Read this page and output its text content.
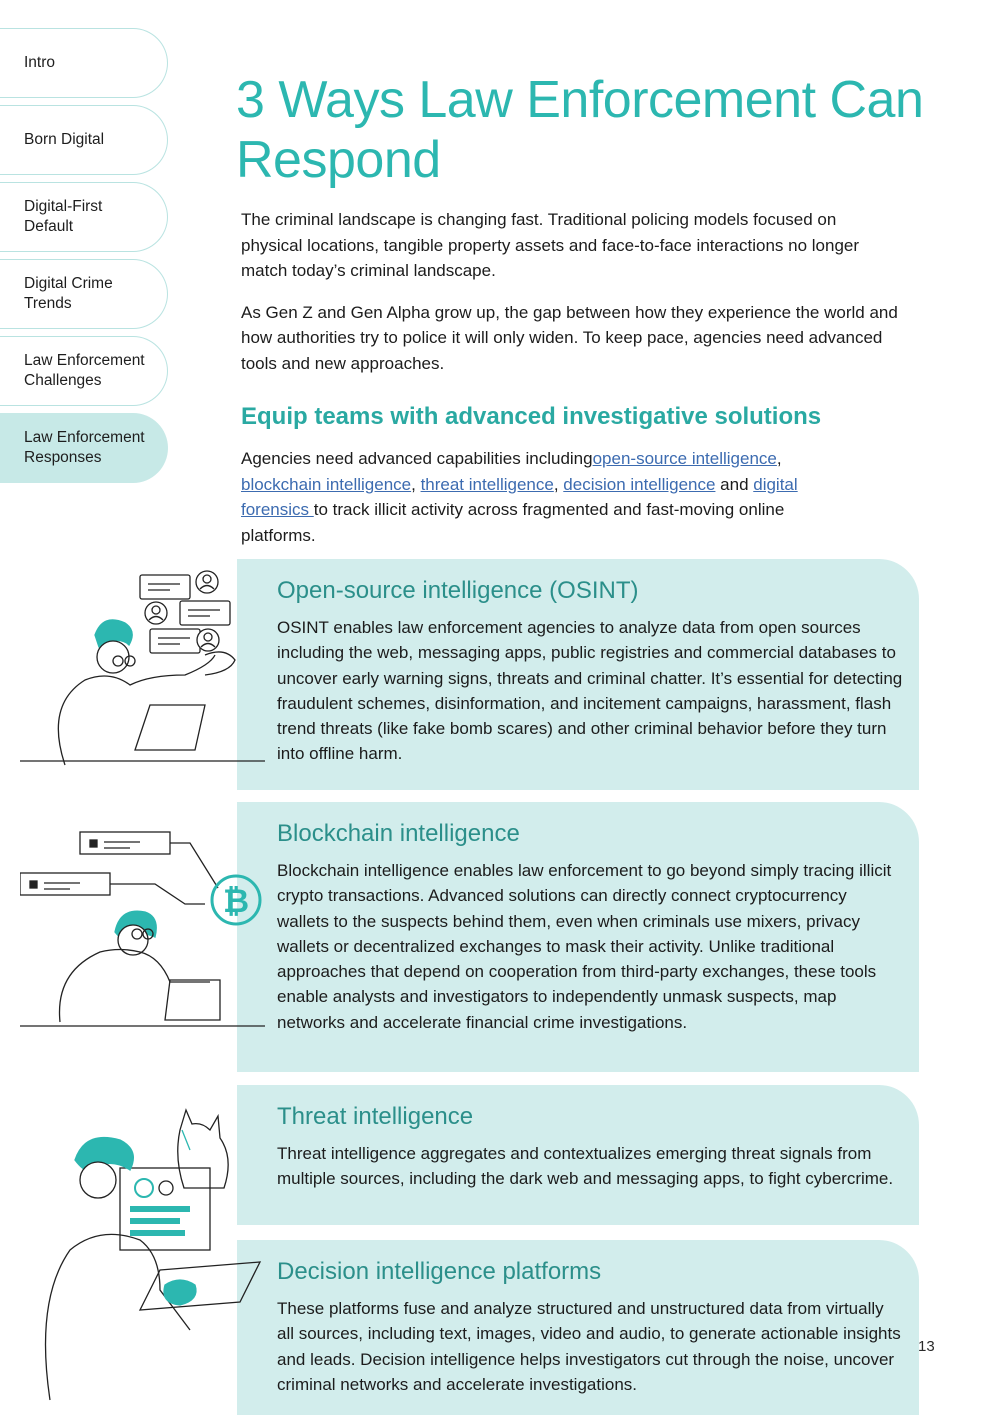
Intro
Born Digital
Digital-First
Default
Digital Crime
Trends
Law Enforcement
Challenges
Law Enforcement
Responses
3 Ways Law Enforcement Can Respond

The criminal landscape is changing fast. Traditional policing models focused on physical locations, tangible property assets and face-to-face interactions no longer match today’s criminal landscape.

As Gen Z and Gen Alpha grow up, the gap between how they experience the world and how authorities try to police it will only widen. To keep pace, agencies need advanced tools and new approaches.

Equip teams with advanced investigative solutions

Agencies need advanced capabilities includingopen-source intelligence, blockchain intelligence, threat intelligence, decision intelligence and digital forensics to track illicit activity across fragmented and fast-moving online platforms.

Open-source intelligence (OSINT)

OSINT enables law enforcement agencies to analyze data from open sources including the web, messaging apps, public registries and commercial databases to uncover early warning signs, threats and criminal chatter. It’s essential for detecting fraudulent schemes, disinformation, and incitement campaigns, harassment, flash trend threats (like fake bomb scares) and other criminal behavior before they turn into offline harm.

Blockchain intelligence

Blockchain intelligence enables law enforcement to go beyond simply tracing illicit crypto transactions. Advanced solutions can directly connect cryptocurrency wallets to the suspects behind them, even when criminals use mixers, privacy wallets or decentralized exchanges to mask their activity. Unlike traditional approaches that depend on cooperation from third-party exchanges, these tools enable analysts and investigators to independently unmask suspects, map networks and accelerate financial crime investigations.

Threat intelligence

Threat intelligence aggregates and contextualizes emerging threat signals from multiple sources, including the dark web and messaging apps, to fight cybercrime.

Decision intelligence platforms

These platforms fuse and analyze structured and unstructured data from virtually all sources, including text, images, video and audio, to generate actionable insights and leads. Decision intelligence helps investigators cut through the noise, uncover criminal networks and accelerate investigations.

₿
13
